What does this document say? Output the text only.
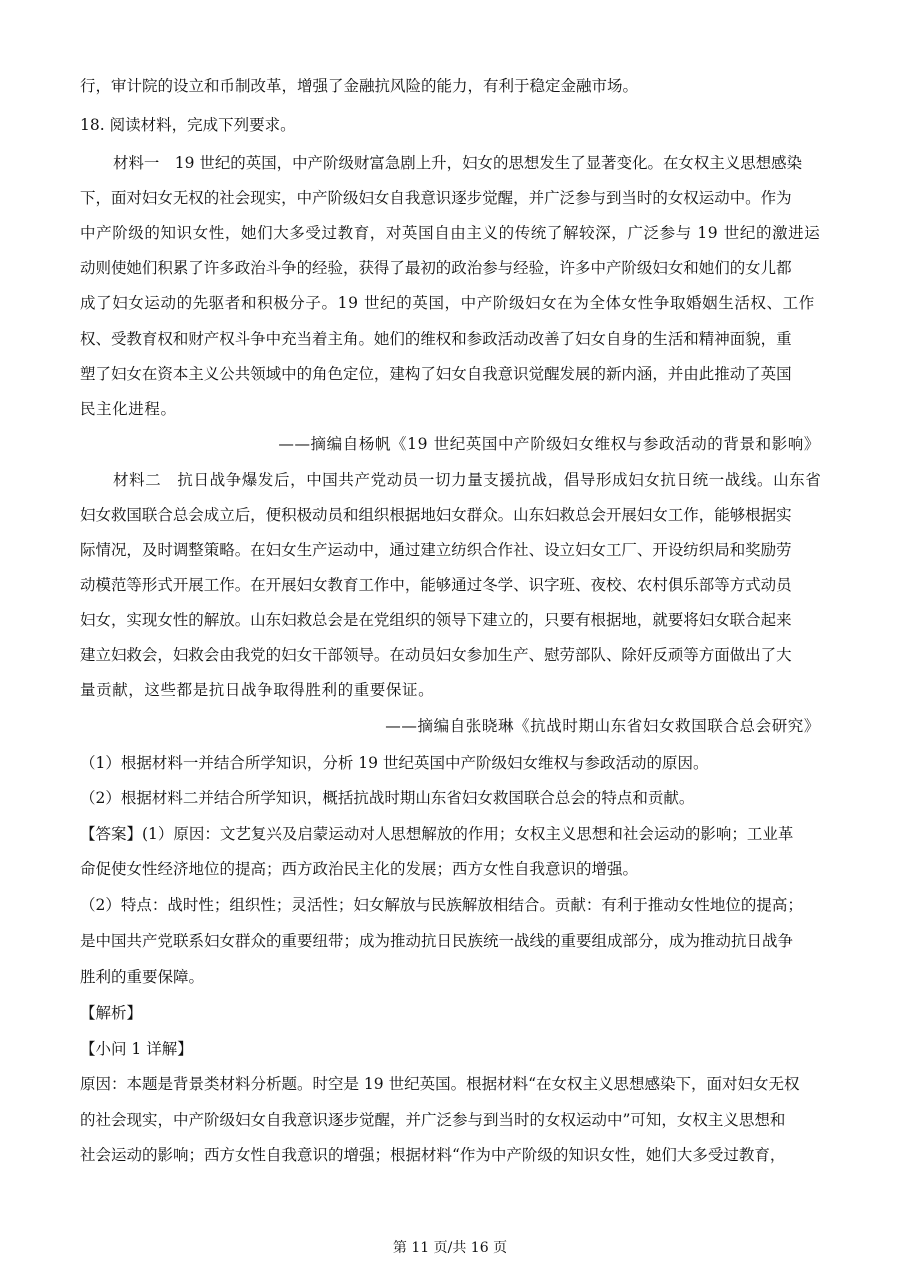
行，审计院的设立和币制改革，增强了金融抗风险的能力，有利于稳定金融市场。
18. 阅读材料，完成下列要求。
材料一　19 世纪的英国，中产阶级财富急剧上升，妇女的思想发生了显著变化。在女权主义思想感染
下，面对妇女无权的社会现实，中产阶级妇女自我意识逐步觉醒，并广泛参与到当时的女权运动中。作为
中产阶级的知识女性，她们大多受过教育，对英国自由主义的传统了解较深，广泛参与 19 世纪的激进运
动则使她们积累了许多政治斗争的经验，获得了最初的政治参与经验，许多中产阶级妇女和她们的女儿都
成了妇女运动的先驱者和积极分子。19 世纪的英国，中产阶级妇女在为全体女性争取婚姻生活权、工作
权、受教育权和财产权斗争中充当着主角。她们的维权和参政活动改善了妇女自身的生活和精神面貌，重
塑了妇女在资本主义公共领域中的角色定位，建构了妇女自我意识觉醒发展的新内涵，并由此推动了英国
民主化进程。
——摘编自杨帆《19 世纪英国中产阶级妇女维权与参政活动的背景和影响》
材料二　抗日战争爆发后，中国共产党动员一切力量支援抗战，倡导形成妇女抗日统一战线。山东省
妇女救国联合总会成立后，便积极动员和组织根据地妇女群众。山东妇救总会开展妇女工作，能够根据实
际情况，及时调整策略。在妇女生产运动中，通过建立纺织合作社、设立妇女工厂、开设纺织局和奖励劳
动模范等形式开展工作。在开展妇女教育工作中，能够通过冬学、识字班、夜校、农村俱乐部等方式动员
妇女，实现女性的解放。山东妇救总会是在党组织的领导下建立的，只要有根据地，就要将妇女联合起来
建立妇救会，妇救会由我党的妇女干部领导。在动员妇女参加生产、慰劳部队、除奸反顽等方面做出了大
量贡献，这些都是抗日战争取得胜利的重要保证。
——摘编自张晓琳《抗战时期山东省妇女救国联合总会研究》
（1）根据材料一并结合所学知识，分析 19 世纪英国中产阶级妇女维权与参政活动的原因。
（2）根据材料二并结合所学知识，概括抗战时期山东省妇女救国联合总会的特点和贡献。
【答案】(1）原因：文艺复兴及启蒙运动对人思想解放的作用；女权主义思想和社会运动的影响；工业革
命促使女性经济地位的提高；西方政治民主化的发展；西方女性自我意识的增强。
（2）特点：战时性；组织性；灵活性；妇女解放与民族解放相结合。贡献：有利于推动女性地位的提高；
是中国共产党联系妇女群众的重要纽带；成为推动抗日民族统一战线的重要组成部分，成为推动抗日战争
胜利的重要保障。
【解析】
【小问 1 详解】
原因：本题是背景类材料分析题。时空是 19 世纪英国。根据材料“在女权主义思想感染下，面对妇女无权
的社会现实，中产阶级妇女自我意识逐步觉醒，并广泛参与到当时的女权运动中”可知，女权主义思想和
社会运动的影响；西方女性自我意识的增强；根据材料“作为中产阶级的知识女性，她们大多受过教育，
第 11 页/共 16 页
